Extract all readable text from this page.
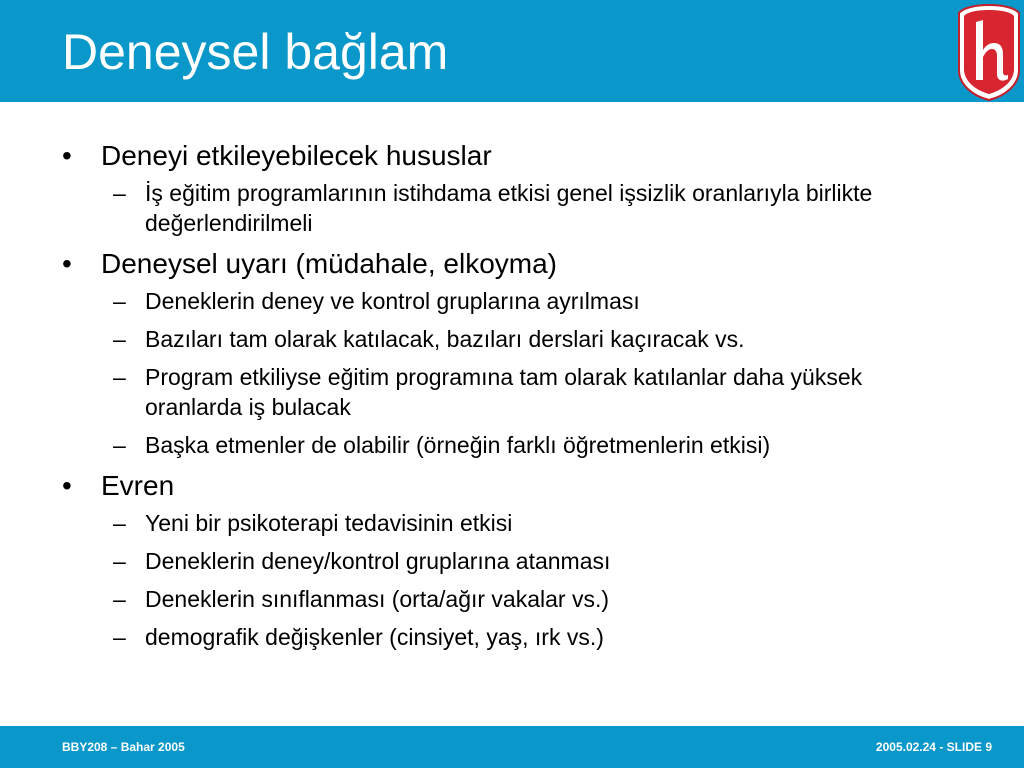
Deneysel bağlam
• Deneyi etkileyebilecek hususlar
– İş eğitim programlarının istihdama etkisi genel işsizlik oranlarıyla birlikte değerlendirilmeli
• Deneysel uyarı (müdahale, elkoyma)
– Deneklerin deney ve kontrol gruplarına ayrılması
– Bazıları tam olarak katılacak, bazıları derslari kaçıracak vs.
– Program etkiliyse eğitim programına tam olarak katılanlar daha yüksek oranlarda iş bulacak
– Başka etmenler de olabilir (örneğin farklı öğretmenlerin etkisi)
• Evren
– Yeni bir psikoterapi tedavisinin etkisi
– Deneklerin deney/kontrol gruplarına atanması
– Deneklerin sınıflanması (orta/ağır vakalar vs.)
– demografik değişkenler (cinsiyet, yaş, ırk vs.)
BBY208 – Bahar 2005	2005.02.24 - SLIDE 9
